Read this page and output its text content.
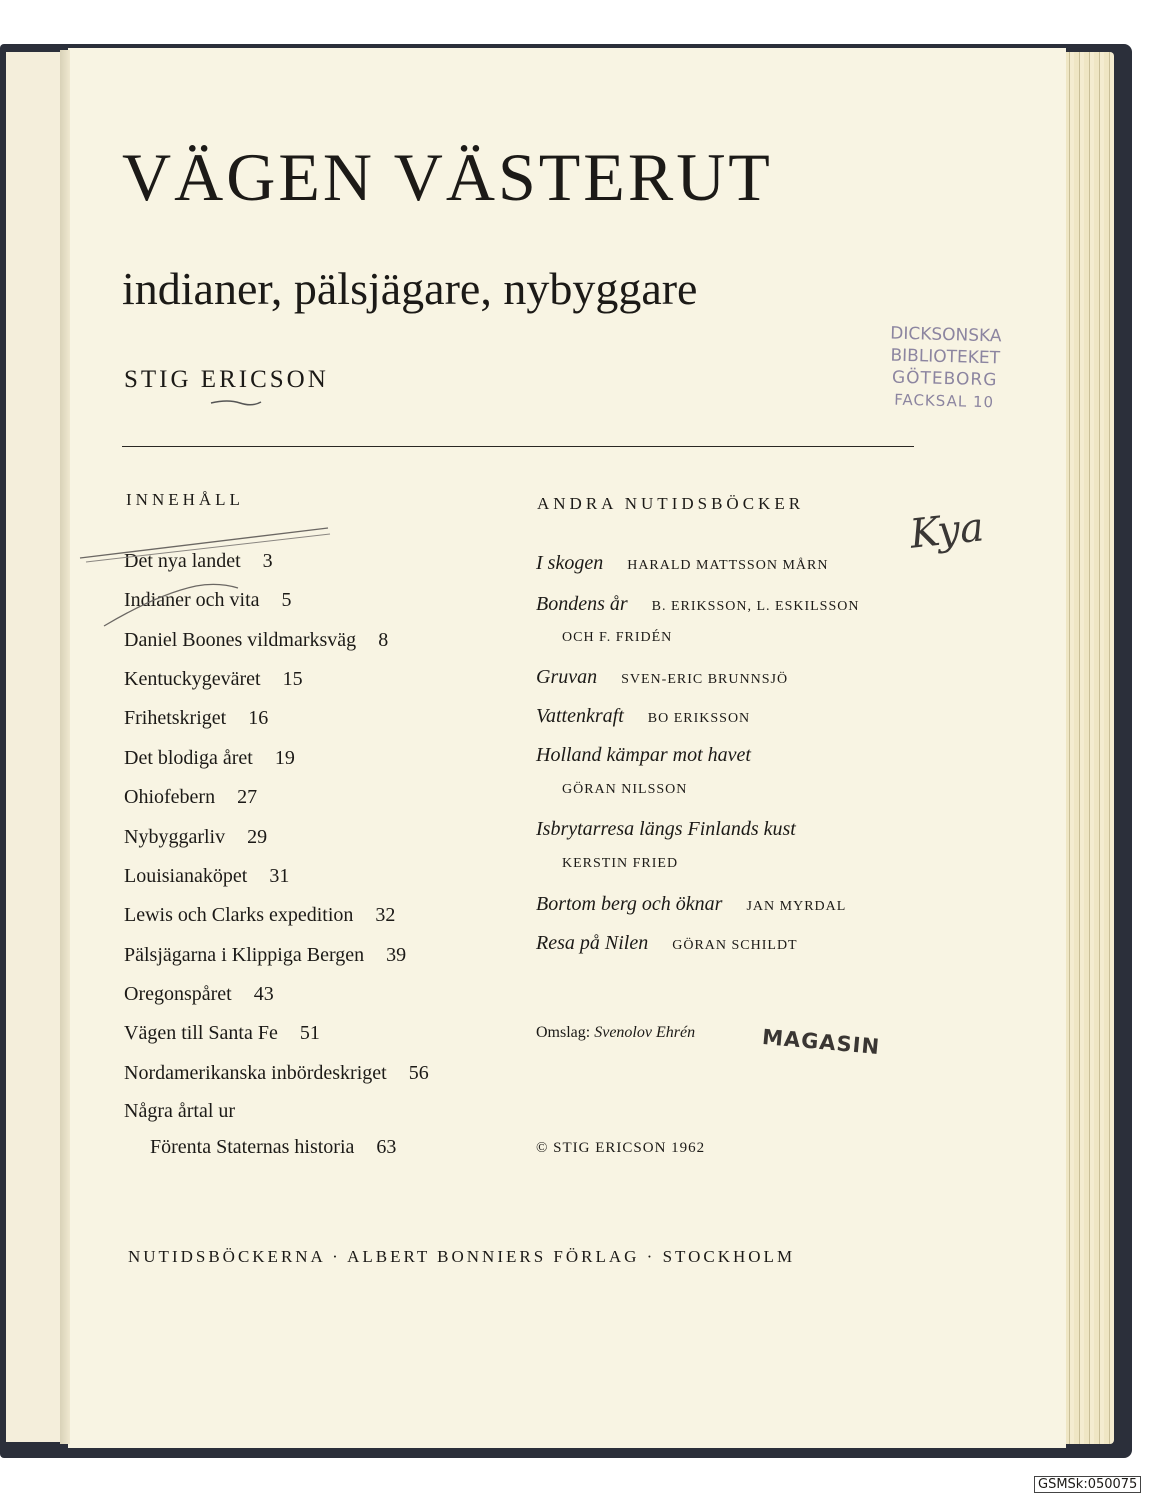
VÄGEN VÄSTERUT
indianer, pälsjägare, nybyggare
STIG ERICSON
DICKSONSKA
BIBLIOTEKET
GÖTEBORG
FACKSAL 10
Kya
INNEHÅLL
Det nya landet 3
Indianer och vita 5
Daniel Boones vildmarksväg 8
Kentuckygeväret 15
Frihetskriget 16
Det blodiga året 19
Ohiofebern 27
Nybyggarliv 29
Louisianaköpet 31
Lewis och Clarks expedition 32
Pälsjägarna i Klippiga Bergen 39
Oregonspåret 43
Vägen till Santa Fe 51
Nordamerikanska inbördeskriget 56
Några årtal ur
Förenta Staternas historia 63
ANDRA NUTIDSBÖCKER
I skogen HARALD MATTSSON MÅRN
Bondens år B. ERIKSSON, L. ESKILSSON
OCH F. FRIDÉN
Gruvan SVEN-ERIC BRUNNSJÖ
Vattenkraft BO ERIKSSON
Holland kämpar mot havet
GÖRAN NILSSON
Isbrytarresa längs Finlands kust
KERSTIN FRIED
Bortom berg och öknar JAN MYRDAL
Resa på Nilen GÖRAN SCHILDT
Omslag: Svenolov Ehrén	MAGASIN
© STIG ERICSON 1962
NUTIDSBÖCKERNA · ALBERT BONNIERS FÖRLAG · STOCKHOLM
GSMSk:050075
